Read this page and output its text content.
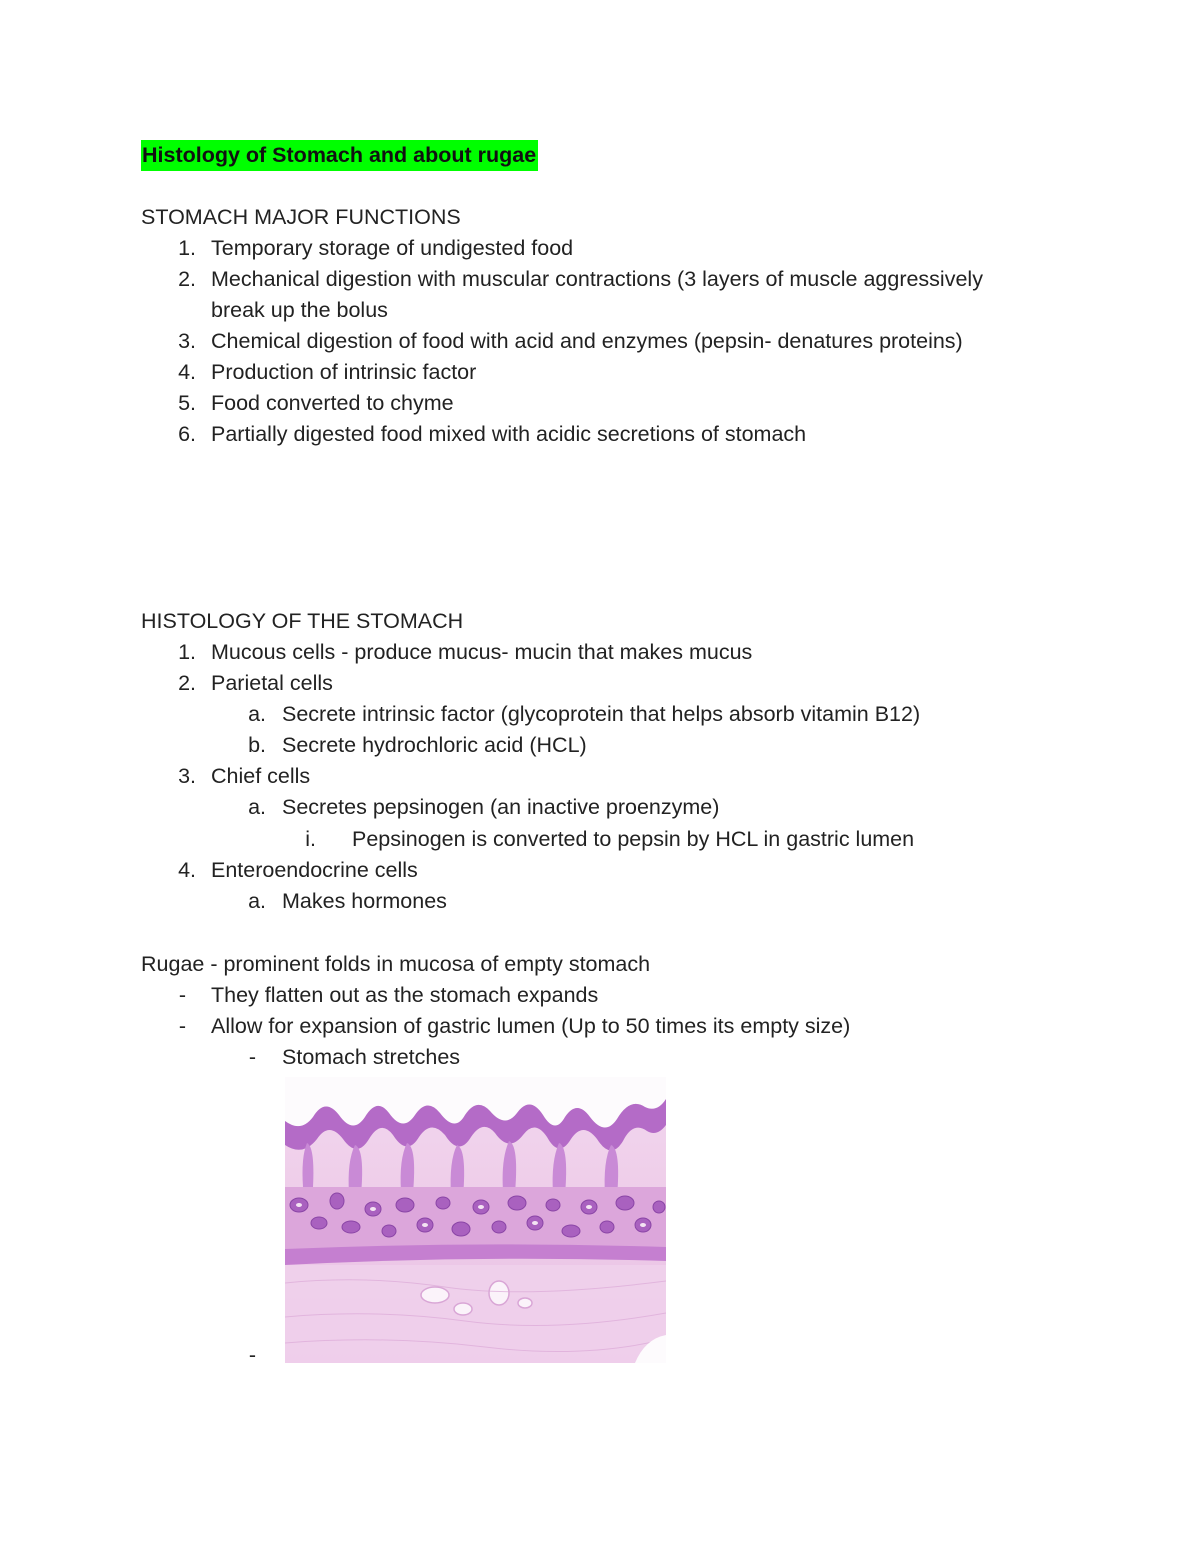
Histology of Stomach and about rugae
STOMACH MAJOR FUNCTIONS
1. Temporary storage of undigested food
2. Mechanical digestion with muscular contractions (3 layers of muscle aggressively
break up the bolus
3. Chemical digestion of food with acid and enzymes (pepsin- denatures proteins)
4. Production of intrinsic factor
5. Food converted to chyme
6. Partially digested food mixed with acidic secretions of stomach
HISTOLOGY OF THE STOMACH
1. Mucous cells - produce mucus- mucin that makes mucus
2. Parietal cells
a. Secrete intrinsic factor (glycoprotein that helps absorb vitamin B12)
b. Secrete hydrochloric acid (HCL)
3. Chief cells
a. Secretes pepsinogen (an inactive proenzyme)
i. Pepsinogen is converted to pepsin by HCL in gastric lumen
4. Enteroendocrine cells
a. Makes hormones
Rugae - prominent folds in mucosa of empty stomach
- They flatten out as the stomach expands
- Allow for expansion of gastric lumen (Up to 50 times its empty size)
- Stomach stretches
-
